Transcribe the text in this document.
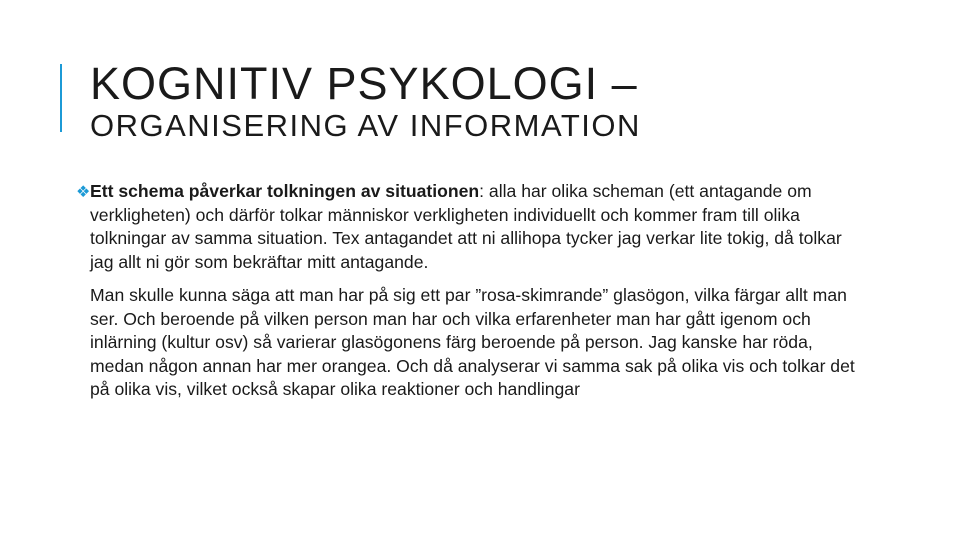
KOGNITIV PSYKOLOGI –
ORGANISERING AV INFORMATION

❖Ett schema påverkar tolkningen av situationen: alla har olika scheman (ett antagande om verkligheten) och därför tolkar människor verkligheten individuellt och kommer fram till olika tolkningar av samma situation. Tex antagandet att ni allihopa tycker jag verkar lite tokig, då tolkar jag allt ni gör som bekräftar mitt antagande.

Man skulle kunna säga att man har på sig ett par ”rosa-skimrande” glasögon, vilka färgar allt man ser. Och beroende på vilken person man har och vilka erfarenheter man har gått igenom och inlärning (kultur osv) så varierar glasögonens färg beroende på person. Jag kanske har röda, medan någon annan har mer orangea. Och då analyserar vi samma sak på olika vis och tolkar det på olika vis, vilket också skapar olika reaktioner och handlingar
